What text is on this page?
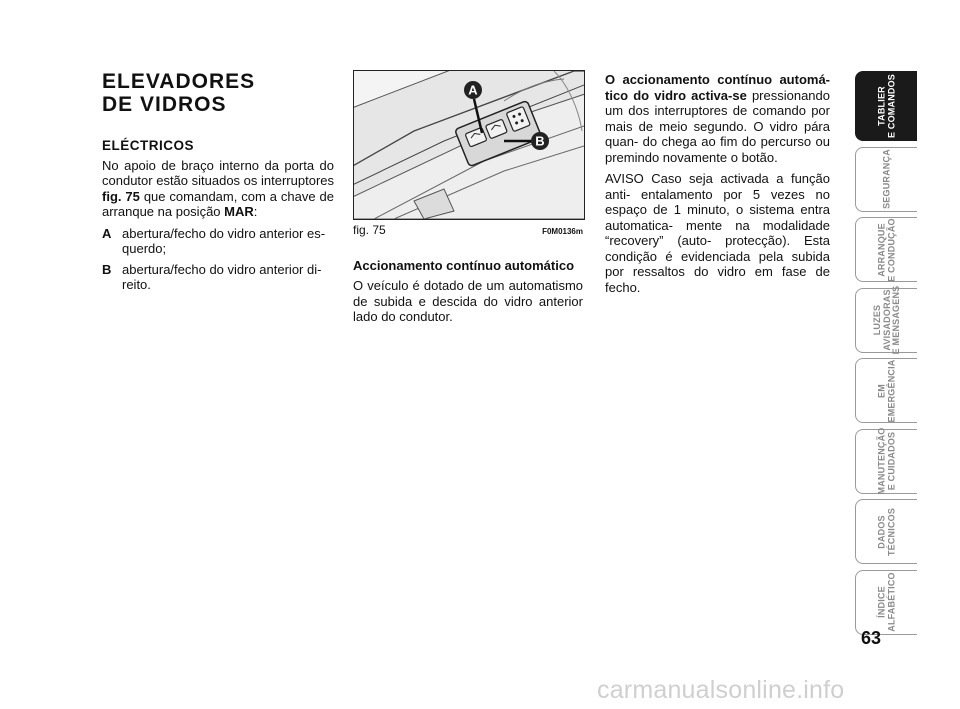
ELEVADORES
DE VIDROS
ELÉCTRICOS

No apoio de braço interno da porta do condutor estão situados os interruptores fig. 75 que comandam, com a chave de arranque na posição MAR:

A abertura/fecho do vidro anterior es- querdo;
B abertura/fecho do vidro anterior di- reito.
A
B
fig. 75	F0M0136m
Accionamento contínuo automático

O veículo é dotado de um automatismo de subida e descida do vidro anterior lado do condutor.

O accionamento contínuo automá- tico do vidro activa-se pressionando um dos interruptores de comando por mais de meio segundo. O vidro pára quan- do chega ao fim do percurso ou premindo novamente o botão.

AVISO Caso seja activada a função anti- entalamento por 5 vezes no espaço de 1 minuto, o sistema entra automatica- mente na modalidade “recovery” (auto- protecção). Esta condição é evidenciada pela subida por ressaltos do vidro em fase de fecho.

TABLIER
E COMANDOS
SEGURANÇA
ARRANQUE
E CONDUÇÃO
LUZES
AVISADORAS
E MENSAGENS
EM
EMERGÊNCIA
MANUTENÇÃO
E CUIDADOS
DADOS
TÉCNICOS
ÍNDICE
ALFABÉTICO
63
carmanualsonline.info
